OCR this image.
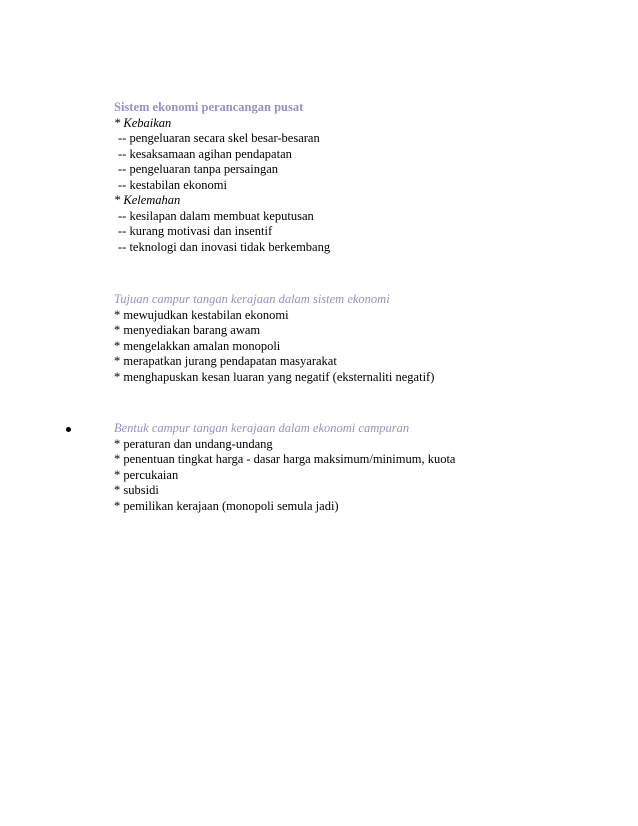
Sistem ekonomi perancangan pusat
* Kebaikan
-- pengeluaran secara skel besar-besaran
-- kesaksamaan agihan pendapatan
-- pengeluaran tanpa persaingan
-- kestabilan ekonomi
* Kelemahan
-- kesilapan dalam membuat keputusan
-- kurang motivasi dan insentif
-- teknologi dan inovasi tidak berkembang
Tujuan campur tangan kerajaan dalam sistem ekonomi
* mewujudkan kestabilan ekonomi
* menyediakan barang awam
* mengelakkan amalan monopoli
* merapatkan jurang pendapatan masyarakat
* menghapuskan kesan luaran yang negatif (eksternaliti negatif)
Bentuk campur tangan kerajaan dalam ekonomi campuran
* peraturan dan undang-undang
* penentuan tingkat harga - dasar harga maksimum/minimum, kuota
* percukaian
* subsidi
* pemilikan kerajaan (monopoli semula jadi)
